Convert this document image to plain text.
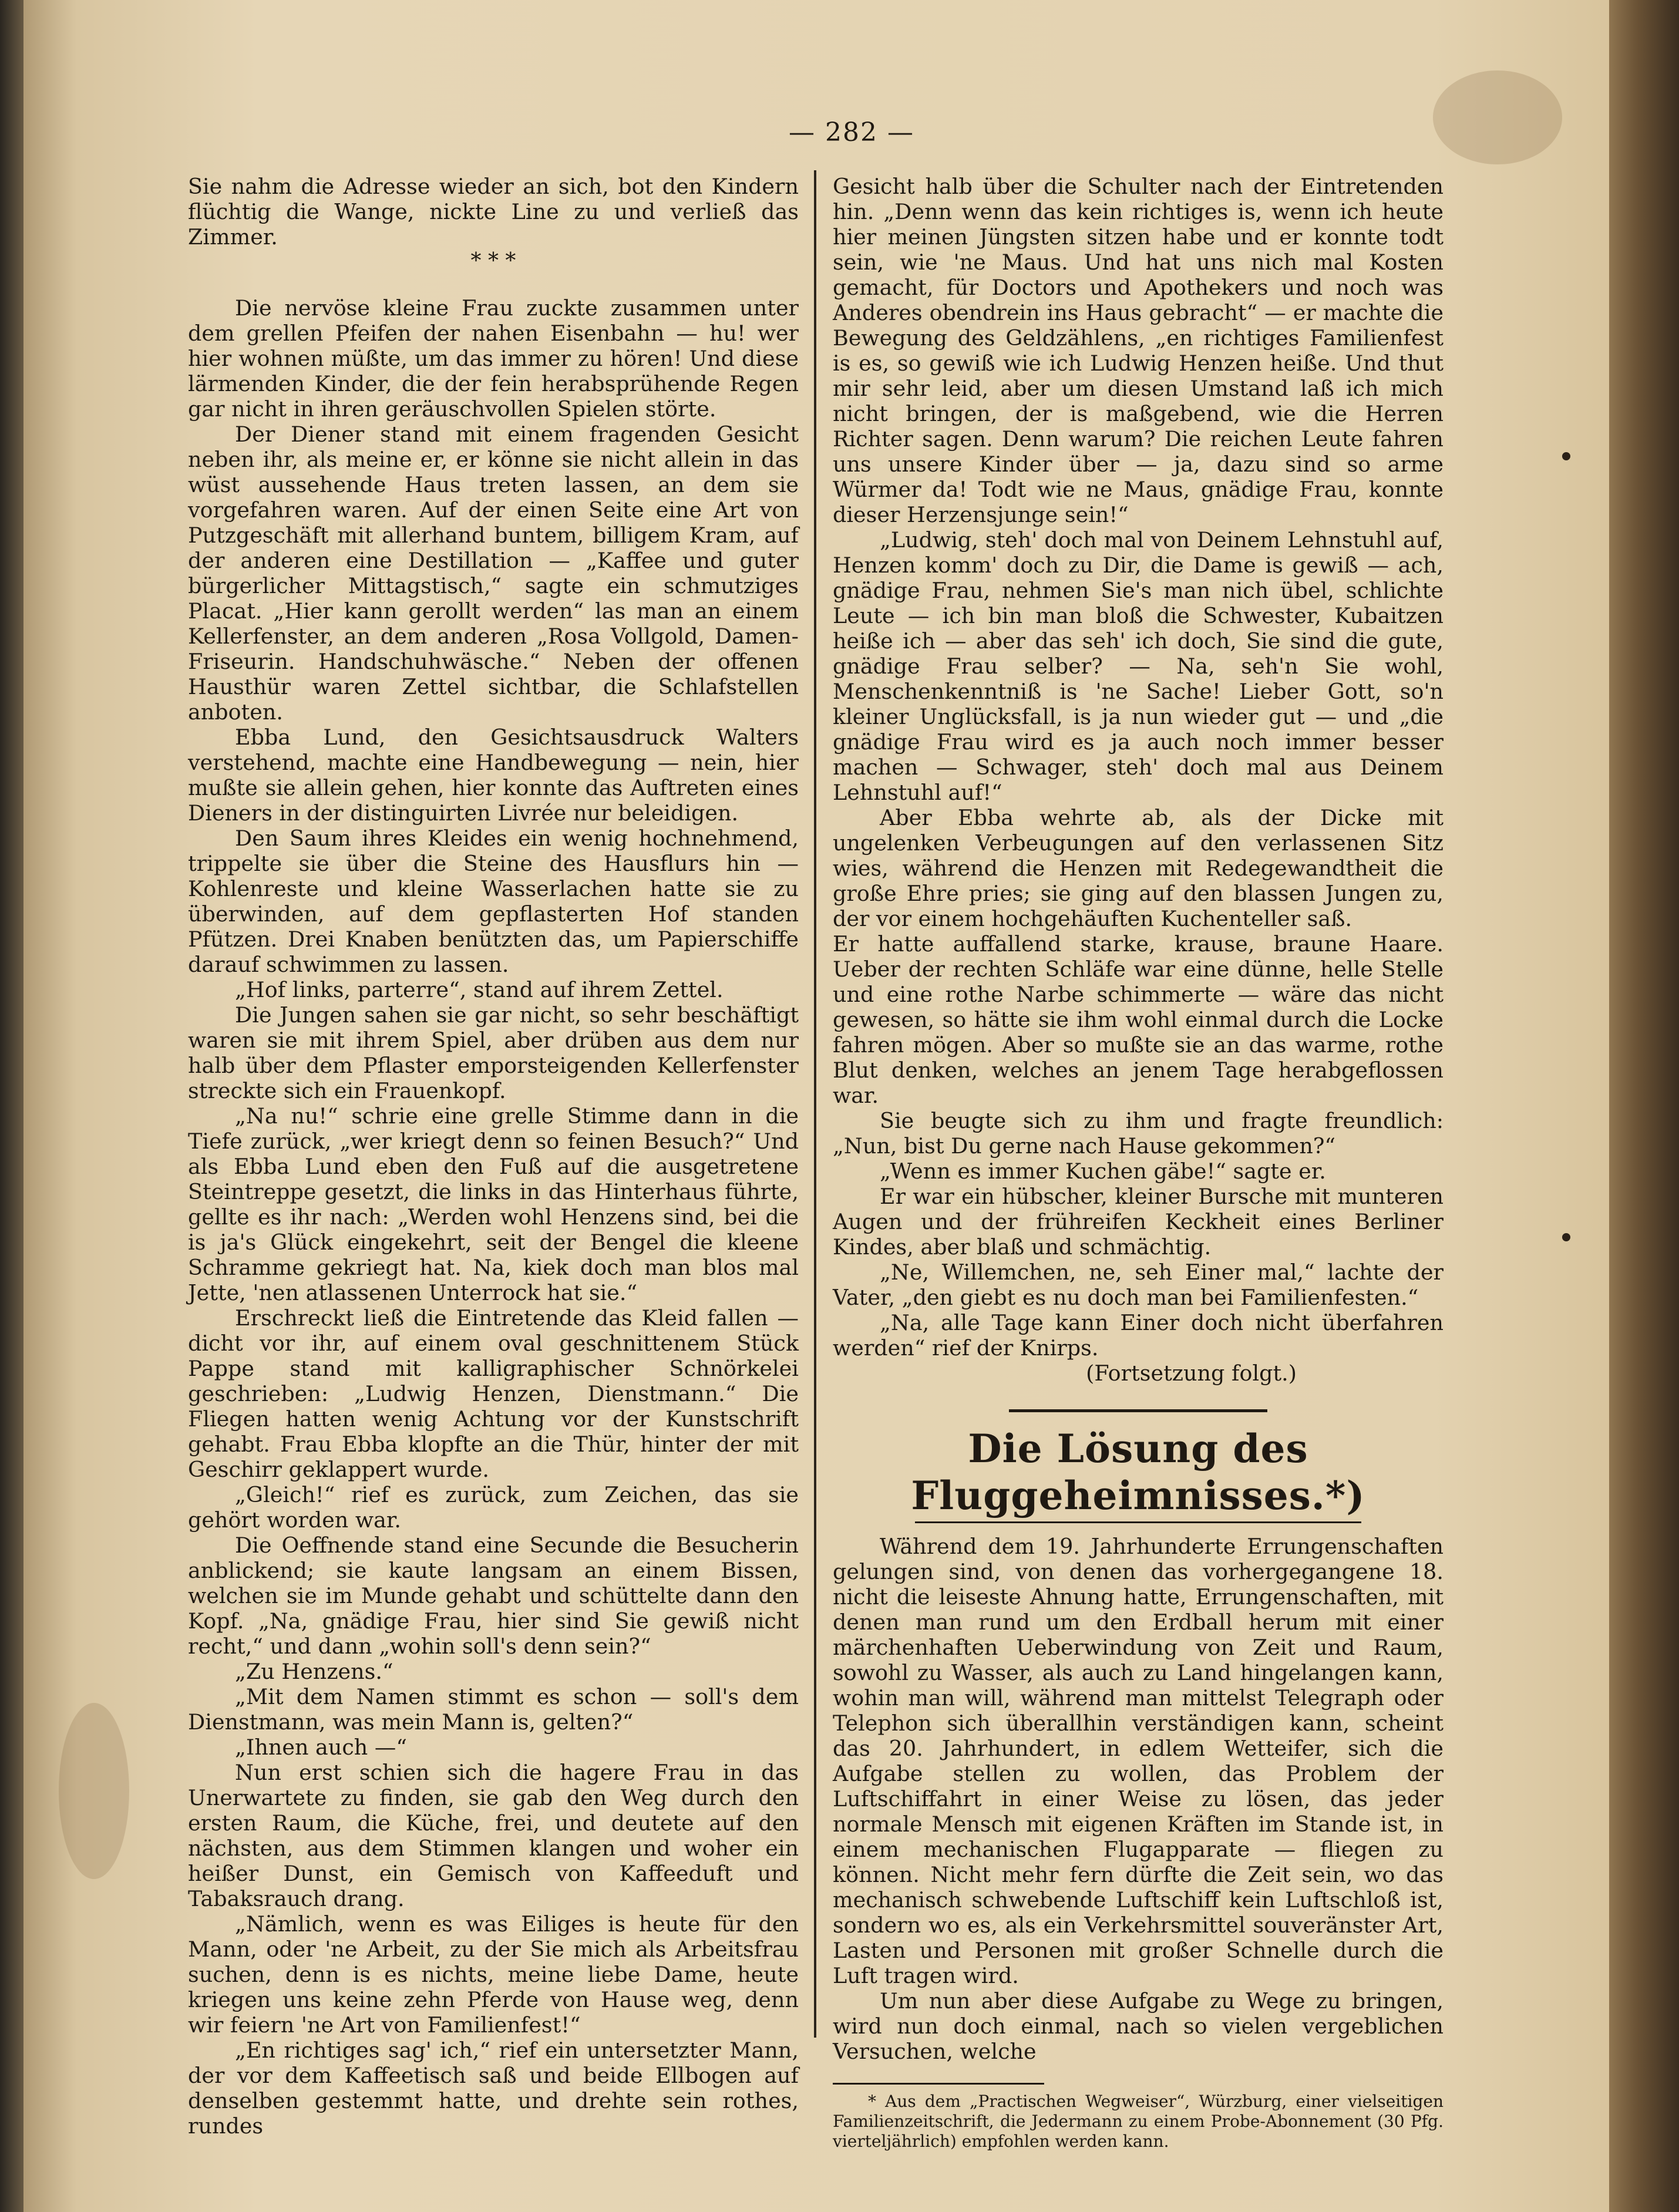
— 282 —

Sie nahm die Adresse wieder an sich, bot den Kindern flüchtig die Wange, nickte Line zu und verließ das Zimmer.

* * *

Die nervöse kleine Frau zuckte zusammen unter dem grellen Pfeifen der nahen Eisenbahn — hu! wer hier wohnen müßte, um das immer zu hören! Und diese lärmenden Kinder, die der fein herabsprühende Regen gar nicht in ihren geräuschvollen Spielen störte.

Der Diener stand mit einem fragenden Gesicht neben ihr, als meine er, er könne sie nicht allein in das wüst aussehende Haus treten lassen, an dem sie vorgefahren waren. Auf der einen Seite eine Art von Putzgeschäft mit allerhand buntem, billigem Kram, auf der anderen eine Destillation — „Kaffee und guter bürgerlicher Mittagstisch,“ sagte ein schmutziges Placat. „Hier kann gerollt werden“ las man an einem Kellerfenster, an dem anderen „Rosa Vollgold, Damen-Friseurin. Handschuhwäsche.“ Neben der offenen Hausthür waren Zettel sichtbar, die Schlafstellen anboten.

Ebba Lund, den Gesichtsausdruck Walters verstehend, machte eine Handbewegung — nein, hier mußte sie allein gehen, hier konnte das Auftreten eines Dieners in der distinguirten Livrée nur beleidigen.

Den Saum ihres Kleides ein wenig hochnehmend, trippelte sie über die Steine des Hausflurs hin — Kohlenreste und kleine Wasserlachen hatte sie zu überwinden, auf dem gepflasterten Hof standen Pfützen. Drei Knaben benützten das, um Papierschiffe darauf schwimmen zu lassen.

„Hof links, parterre“, stand auf ihrem Zettel.

Die Jungen sahen sie gar nicht, so sehr beschäftigt waren sie mit ihrem Spiel, aber drüben aus dem nur halb über dem Pflaster emporsteigenden Kellerfenster streckte sich ein Frauenkopf.

„Na nu!“ schrie eine grelle Stimme dann in die Tiefe zurück, „wer kriegt denn so feinen Besuch?“ Und als Ebba Lund eben den Fuß auf die ausgetretene Steintreppe gesetzt, die links in das Hinterhaus führte, gellte es ihr nach: „Werden wohl Henzens sind, bei die is ja's Glück eingekehrt, seit der Bengel die kleene Schramme gekriegt hat. Na, kiek doch man blos mal Jette, 'nen atlassenen Unterrock hat sie.“

Erschreckt ließ die Eintretende das Kleid fallen — dicht vor ihr, auf einem oval geschnittenem Stück Pappe stand mit kalligraphischer Schnörkelei geschrieben: „Ludwig Henzen, Dienstmann.“ Die Fliegen hatten wenig Achtung vor der Kunstschrift gehabt. Frau Ebba klopfte an die Thür, hinter der mit Geschirr geklappert wurde.

„Gleich!“ rief es zurück, zum Zeichen, das sie gehört worden war.

Die Oeffnende stand eine Secunde die Besucherin anblickend; sie kaute langsam an einem Bissen, welchen sie im Munde gehabt und schüttelte dann den Kopf. „Na, gnädige Frau, hier sind Sie gewiß nicht recht,“ und dann „wohin soll's denn sein?“

„Zu Henzens.“

„Mit dem Namen stimmt es schon — soll's dem Dienstmann, was mein Mann is, gelten?“

„Ihnen auch —“

Nun erst schien sich die hagere Frau in das Unerwartete zu finden, sie gab den Weg durch den ersten Raum, die Küche, frei, und deutete auf den nächsten, aus dem Stimmen klangen und woher ein heißer Dunst, ein Gemisch von Kaffeeduft und Tabaksrauch drang.

„Nämlich, wenn es was Eiliges is heute für den Mann, oder 'ne Arbeit, zu der Sie mich als Arbeitsfrau suchen, denn is es nichts, meine liebe Dame, heute kriegen uns keine zehn Pferde von Hause weg, denn wir feiern 'ne Art von Familienfest!“

„En richtiges sag' ich,“ rief ein untersetzter Mann, der vor dem Kaffeetisch saß und beide Ellbogen auf denselben gestemmt hatte, und drehte sein rothes, rundes

Gesicht halb über die Schulter nach der Eintretenden hin. „Denn wenn das kein richtiges is, wenn ich heute hier meinen Jüngsten sitzen habe und er konnte todt sein, wie 'ne Maus. Und hat uns nich mal Kosten gemacht, für Doctors und Apothekers und noch was Anderes obendrein ins Haus gebracht“ — er machte die Bewegung des Geldzählens, „en richtiges Familienfest is es, so gewiß wie ich Ludwig Henzen heiße. Und thut mir sehr leid, aber um diesen Umstand laß ich mich nicht bringen, der is maßgebend, wie die Herren Richter sagen. Denn warum? Die reichen Leute fahren uns unsere Kinder über — ja, dazu sind so arme Würmer da! Todt wie ne Maus, gnädige Frau, konnte dieser Herzensjunge sein!“

„Ludwig, steh' doch mal von Deinem Lehnstuhl auf, Henzen komm' doch zu Dir, die Dame is gewiß — ach, gnädige Frau, nehmen Sie's man nich übel, schlichte Leute — ich bin man bloß die Schwester, Kubaitzen heiße ich — aber das seh' ich doch, Sie sind die gute, gnädige Frau selber? — Na, seh'n Sie wohl, Menschenkenntniß is 'ne Sache! Lieber Gott, so'n kleiner Unglücksfall, is ja nun wieder gut — und „die gnädige Frau wird es ja auch noch immer besser machen — Schwager, steh' doch mal aus Deinem Lehnstuhl auf!“

Aber Ebba wehrte ab, als der Dicke mit ungelenken Verbeugungen auf den verlassenen Sitz wies, während die Henzen mit Redegewandtheit die große Ehre pries; sie ging auf den blassen Jungen zu, der vor einem hochgehäuften Kuchenteller saß.

Er hatte auffallend starke, krause, braune Haare. Ueber der rechten Schläfe war eine dünne, helle Stelle und eine rothe Narbe schimmerte — wäre das nicht gewesen, so hätte sie ihm wohl einmal durch die Locke fahren mögen. Aber so mußte sie an das warme, rothe Blut denken, welches an jenem Tage herabgeflossen war.

Sie beugte sich zu ihm und fragte freundlich: „Nun, bist Du gerne nach Hause gekommen?“

„Wenn es immer Kuchen gäbe!“ sagte er.

Er war ein hübscher, kleiner Bursche mit munteren Augen und der frühreifen Keckheit eines Berliner Kindes, aber blaß und schmächtig.

„Ne, Willemchen, ne, seh Einer mal,“ lachte der Vater, „den giebt es nu doch man bei Familienfesten.“

„Na, alle Tage kann Einer doch nicht überfahren werden“ rief der Knirps.

(Fortsetzung folgt.)

Die Lösung des Fluggeheimnisses.*)

Während dem 19. Jahrhunderte Errungenschaften gelungen sind, von denen das vorhergegangene 18. nicht die leiseste Ahnung hatte, Errungenschaften, mit denen man rund um den Erdball herum mit einer märchenhaften Ueberwindung von Zeit und Raum, sowohl zu Wasser, als auch zu Land hingelangen kann, wohin man will, während man mittelst Telegraph oder Telephon sich überallhin verständigen kann, scheint das 20. Jahrhundert, in edlem Wetteifer, sich die Aufgabe stellen zu wollen, das Problem der Luftschiffahrt in einer Weise zu lösen, das jeder normale Mensch mit eigenen Kräften im Stande ist, in einem mechanischen Flugapparate — fliegen zu können. Nicht mehr fern dürfte die Zeit sein, wo das mechanisch schwebende Luftschiff kein Luftschloß ist, sondern wo es, als ein Verkehrsmittel souveränster Art, Lasten und Personen mit großer Schnelle durch die Luft tragen wird.

Um nun aber diese Aufgabe zu Wege zu bringen, wird nun doch einmal, nach so vielen vergeblichen Versuchen, welche

* Aus dem „Practischen Wegweiser“, Würzburg, einer vielseitigen Familienzeitschrift, die Jedermann zu einem Probe-Abonnement (30 Pfg. vierteljährlich) empfohlen werden kann.
